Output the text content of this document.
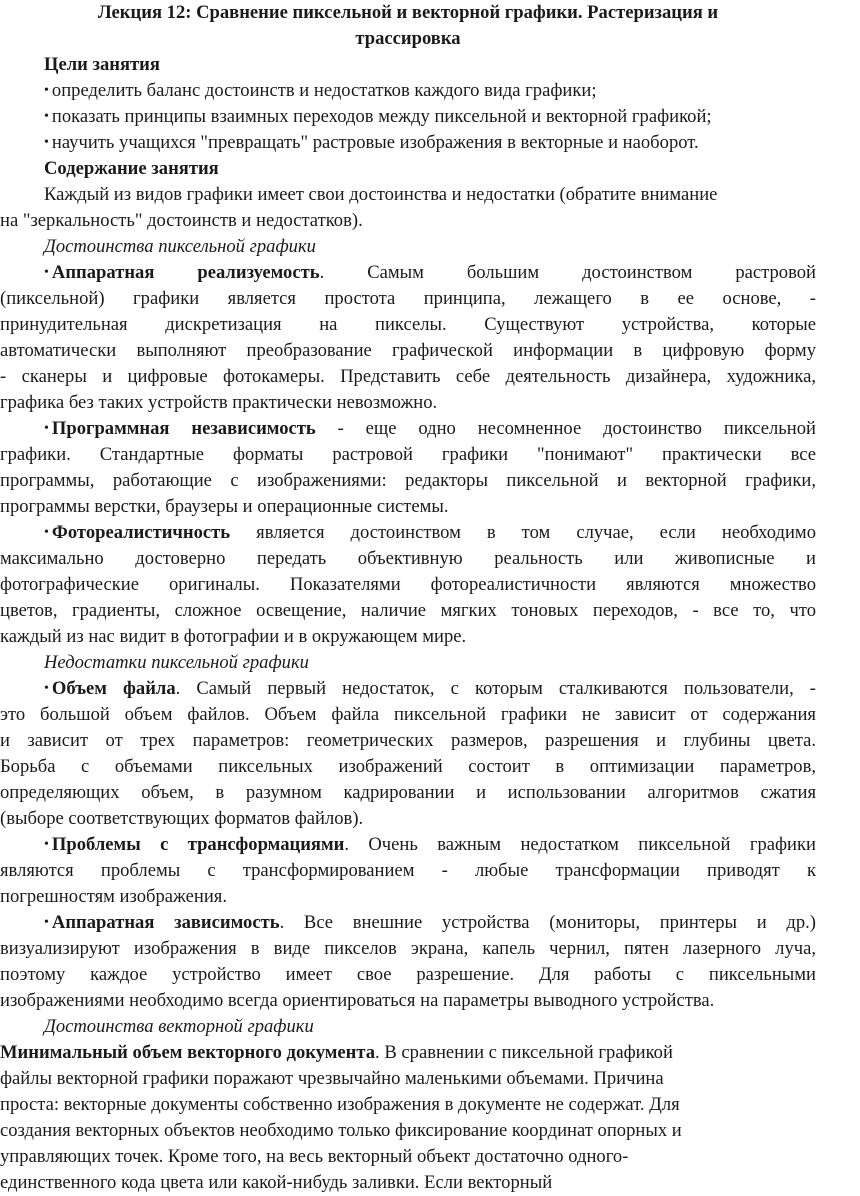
Лекция 12: Сравнение пиксельной и векторной графики. Растеризация и
трассировка
Цели занятия
• определить баланс достоинств и недостатков каждого вида графики;
• показать принципы взаимных переходов между пиксельной и векторной графикой;
• научить учащихся "превращать" растровые изображения в векторные и наоборот.
Содержание занятия
Каждый из видов графики имеет свои достоинства и недостатки (обратите внимание
на "зеркальность" достоинств и недостатков).
Достоинства пиксельной графики
• Аппаратная реализуемость. Самым большим достоинством растровой
(пиксельной) графики является простота принципа, лежащего в ее основе, -
принудительная дискретизация на пикселы. Существуют устройства, которые
автоматически выполняют преобразование графической информации в цифровую форму
- сканеры и цифровые фотокамеры. Представить себе деятельность дизайнера, художника,
графика без таких устройств практически невозможно.
• Программная независимость - еще одно несомненное достоинство пиксельной
графики. Стандартные форматы растровой графики "понимают" практически все
программы, работающие с изображениями: редакторы пиксельной и векторной графики,
программы верстки, браузеры и операционные системы.
• Фотореалистичность является достоинством в том случае, если необходимо
максимально достоверно передать объективную реальность или живописные и
фотографические оригиналы. Показателями фотореалистичности являются множество
цветов, градиенты, сложное освещение, наличие мягких тоновых переходов, - все то, что
каждый из нас видит в фотографии и в окружающем мире.
Недостатки пиксельной графики
• Объем файла. Самый первый недостаток, с которым сталкиваются пользователи, -
это большой объем файлов. Объем файла пиксельной графики не зависит от содержания
и зависит от трех параметров: геометрических размеров, разрешения и глубины цвета.
Борьба с объемами пиксельных изображений состоит в оптимизации параметров,
определяющих объем, в разумном кадрировании и использовании алгоритмов сжатия
(выборе соответствующих форматов файлов).
• Проблемы с трансформациями. Очень важным недостатком пиксельной графики
являются проблемы с трансформированием - любые трансформации приводят к
погрешностям изображения.
• Аппаратная зависимость. Все внешние устройства (мониторы, принтеры и др.)
визуализируют изображения в виде пикселов экрана, капель чернил, пятен лазерного луча,
поэтому каждое устройство имеет свое разрешение. Для работы с пиксельными
изображениями необходимо всегда ориентироваться на параметры выводного устройства.
Достоинства векторной графики
Минимальный объем векторного документа. В сравнении с пиксельной графикой
файлы векторной графики поражают чрезвычайно маленькими объемами. Причина
проста: векторные документы собственно изображения в документе не содержат. Для
создания векторных объектов необходимо только фиксирование координат опорных и
управляющих точек. Кроме того, на весь векторный объект достаточно одного-
единственного кода цвета или какой-нибудь заливки. Если векторный
